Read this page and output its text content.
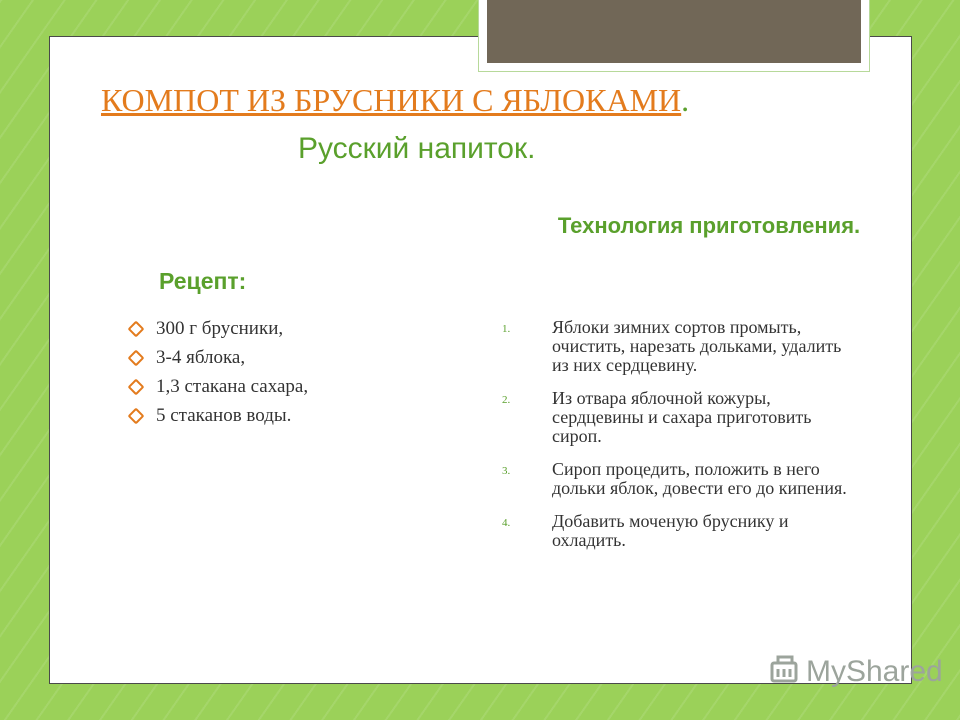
КОМПОТ ИЗ БРУСНИКИ С ЯБЛОКАМИ.
Русский напиток.
Рецепт:
Технология приготовления.
300 г брусники,
3-4 яблока,
1,3 стакана сахара,
5 стаканов воды.
1. Яблоки зимних сортов промыть, очистить, нарезать дольками, удалить из них сердцевину.
2. Из отвара яблочной кожуры, сердцевины и сахара приготовить сироп.
3. Сироп процедить, положить в него дольки яблок, довести его до кипения.
4. Добавить моченую бруснику и охладить.
MyShared
